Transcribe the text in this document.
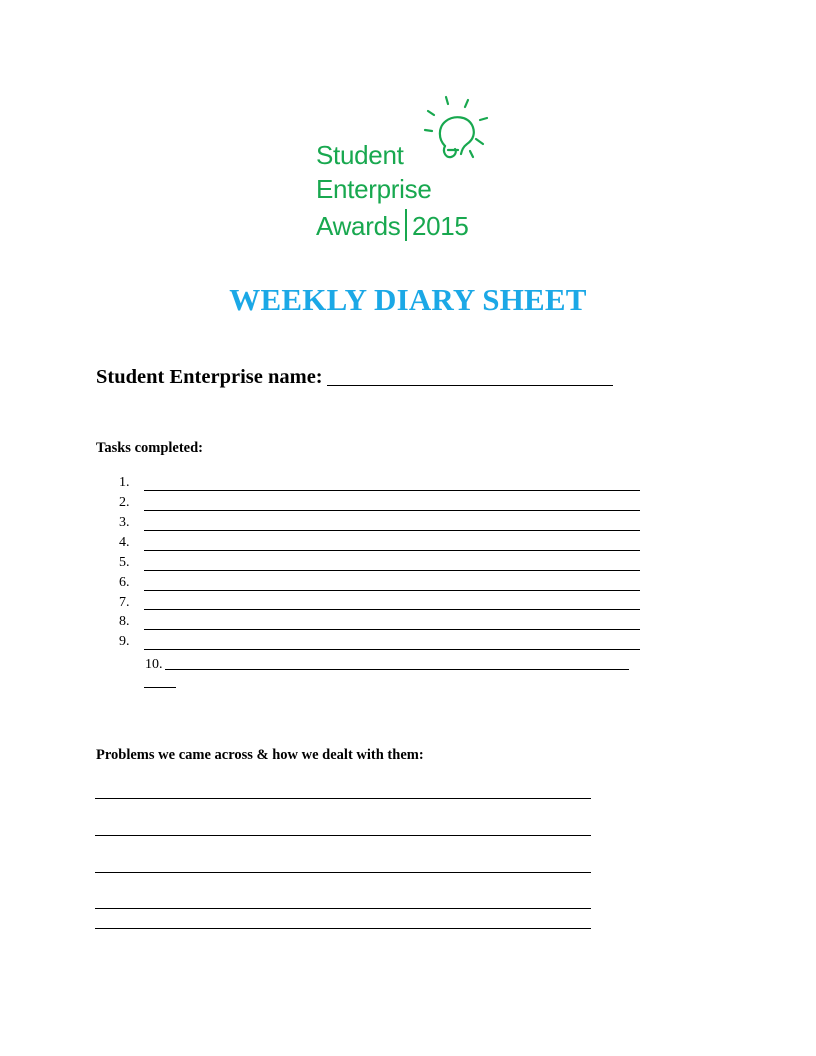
Student
Enterprise
Awards 2015
WEEKLY DIARY SHEET
Student Enterprise name:
Tasks completed:
1.
2.
3.
4.
5.
6.
7.
8.
9.
10.
Problems we came across & how we dealt with them:
